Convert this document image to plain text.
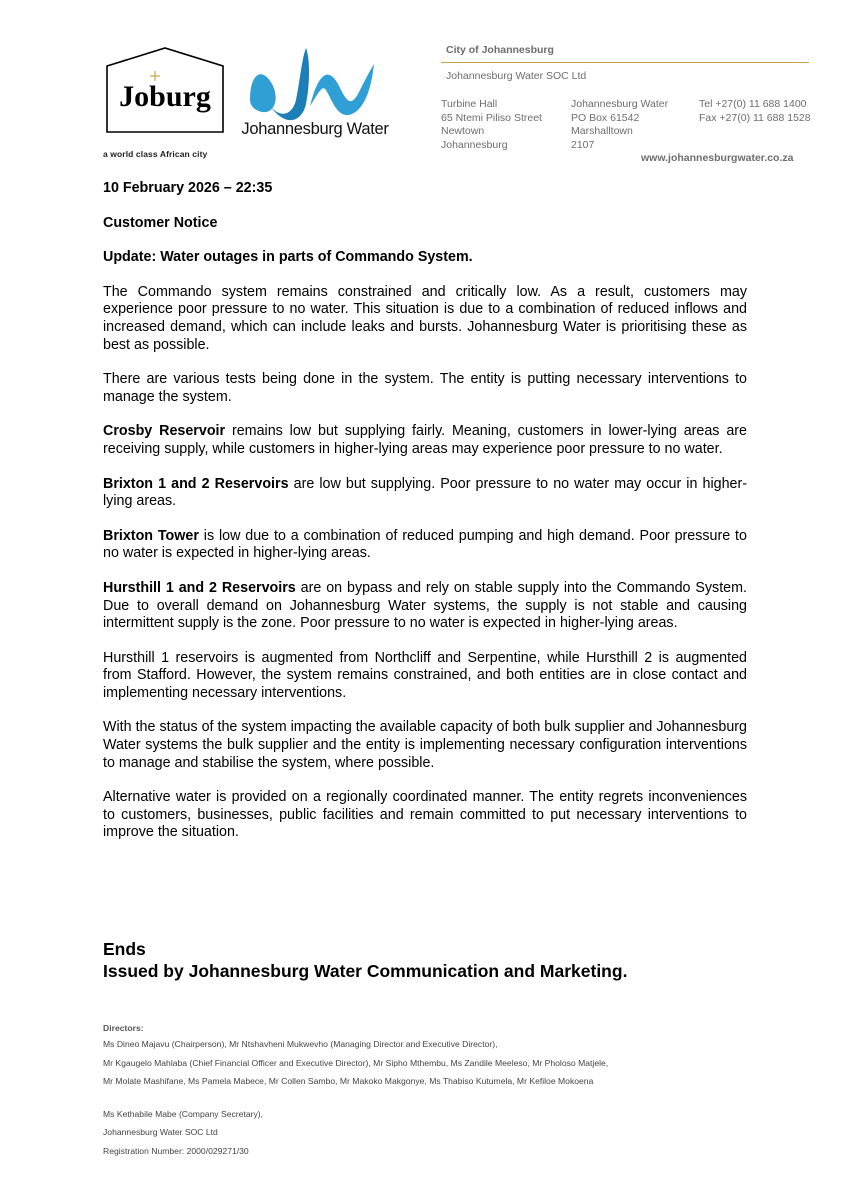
Joburg
a world class African city
Johannesburg Water
City of Johannesburg
Johannesburg Water SOC Ltd
Turbine Hall
65 Ntemi Piliso Street
Newtown
Johannesburg
Johannesburg Water
PO Box 61542
Marshalltown
2107
Tel +27(0) 11 688 1400
Fax +27(0) 11 688 1528
www.johannesburgwater.co.za

10 February 2026 – 22:35

Customer Notice

Update: Water outages in parts of Commando System.

The Commando system remains constrained and critically low. As a result, customers may experience poor pressure to no water. This situation is due to a combination of reduced inflows and increased demand, which can include leaks and bursts. Johannesburg Water is prioritising these as best as possible.

There are various tests being done in the system. The entity is putting necessary interventions to manage the system.

Crosby Reservoir remains low but supplying fairly. Meaning, customers in lower-lying areas are receiving supply, while customers in higher-lying areas may experience poor pressure to no water.

Brixton 1 and 2 Reservoirs are low but supplying. Poor pressure to no water may occur in higher-lying areas.

Brixton Tower is low due to a combination of reduced pumping and high demand. Poor pressure to no water is expected in higher-lying areas.

Hursthill 1 and 2 Reservoirs are on bypass and rely on stable supply into the Commando System. Due to overall demand on Johannesburg Water systems, the supply is not stable and causing intermittent supply is the zone. Poor pressure to no water is expected in higher-lying areas.

Hursthill 1 reservoirs is augmented from Northcliff and Serpentine, while Hursthill 2 is augmented from Stafford. However, the system remains constrained, and both entities are in close contact and implementing necessary interventions.

With the status of the system impacting the available capacity of both bulk supplier and Johannesburg Water systems the bulk supplier and the entity is implementing necessary configuration interventions to manage and stabilise the system, where possible.

Alternative water is provided on a regionally coordinated manner. The entity regrets inconveniences to customers, businesses, public facilities and remain committed to put necessary interventions to improve the situation.

Ends
Issued by Johannesburg Water Communication and Marketing.
Directors:
Ms Dineo Majavu (Chairperson), Mr Ntshavheni Mukwevho (Managing Director and Executive Director),
Mr Kgaugelo Mahlaba (Chief Financial Officer and Executive Director), Mr Sipho Mthembu, Ms Zandile Meeleso, Mr Pholoso Matjele,
Mr Molate Mashifane, Ms Pamela Mabece, Mr Collen Sambo, Mr Makoko Makgonye, Ms Thabiso Kutumela, Mr Kefiloe Mokoena
Ms Kethabile Mabe (Company Secretary),
Johannesburg Water SOC Ltd
Registration Number: 2000/029271/30
